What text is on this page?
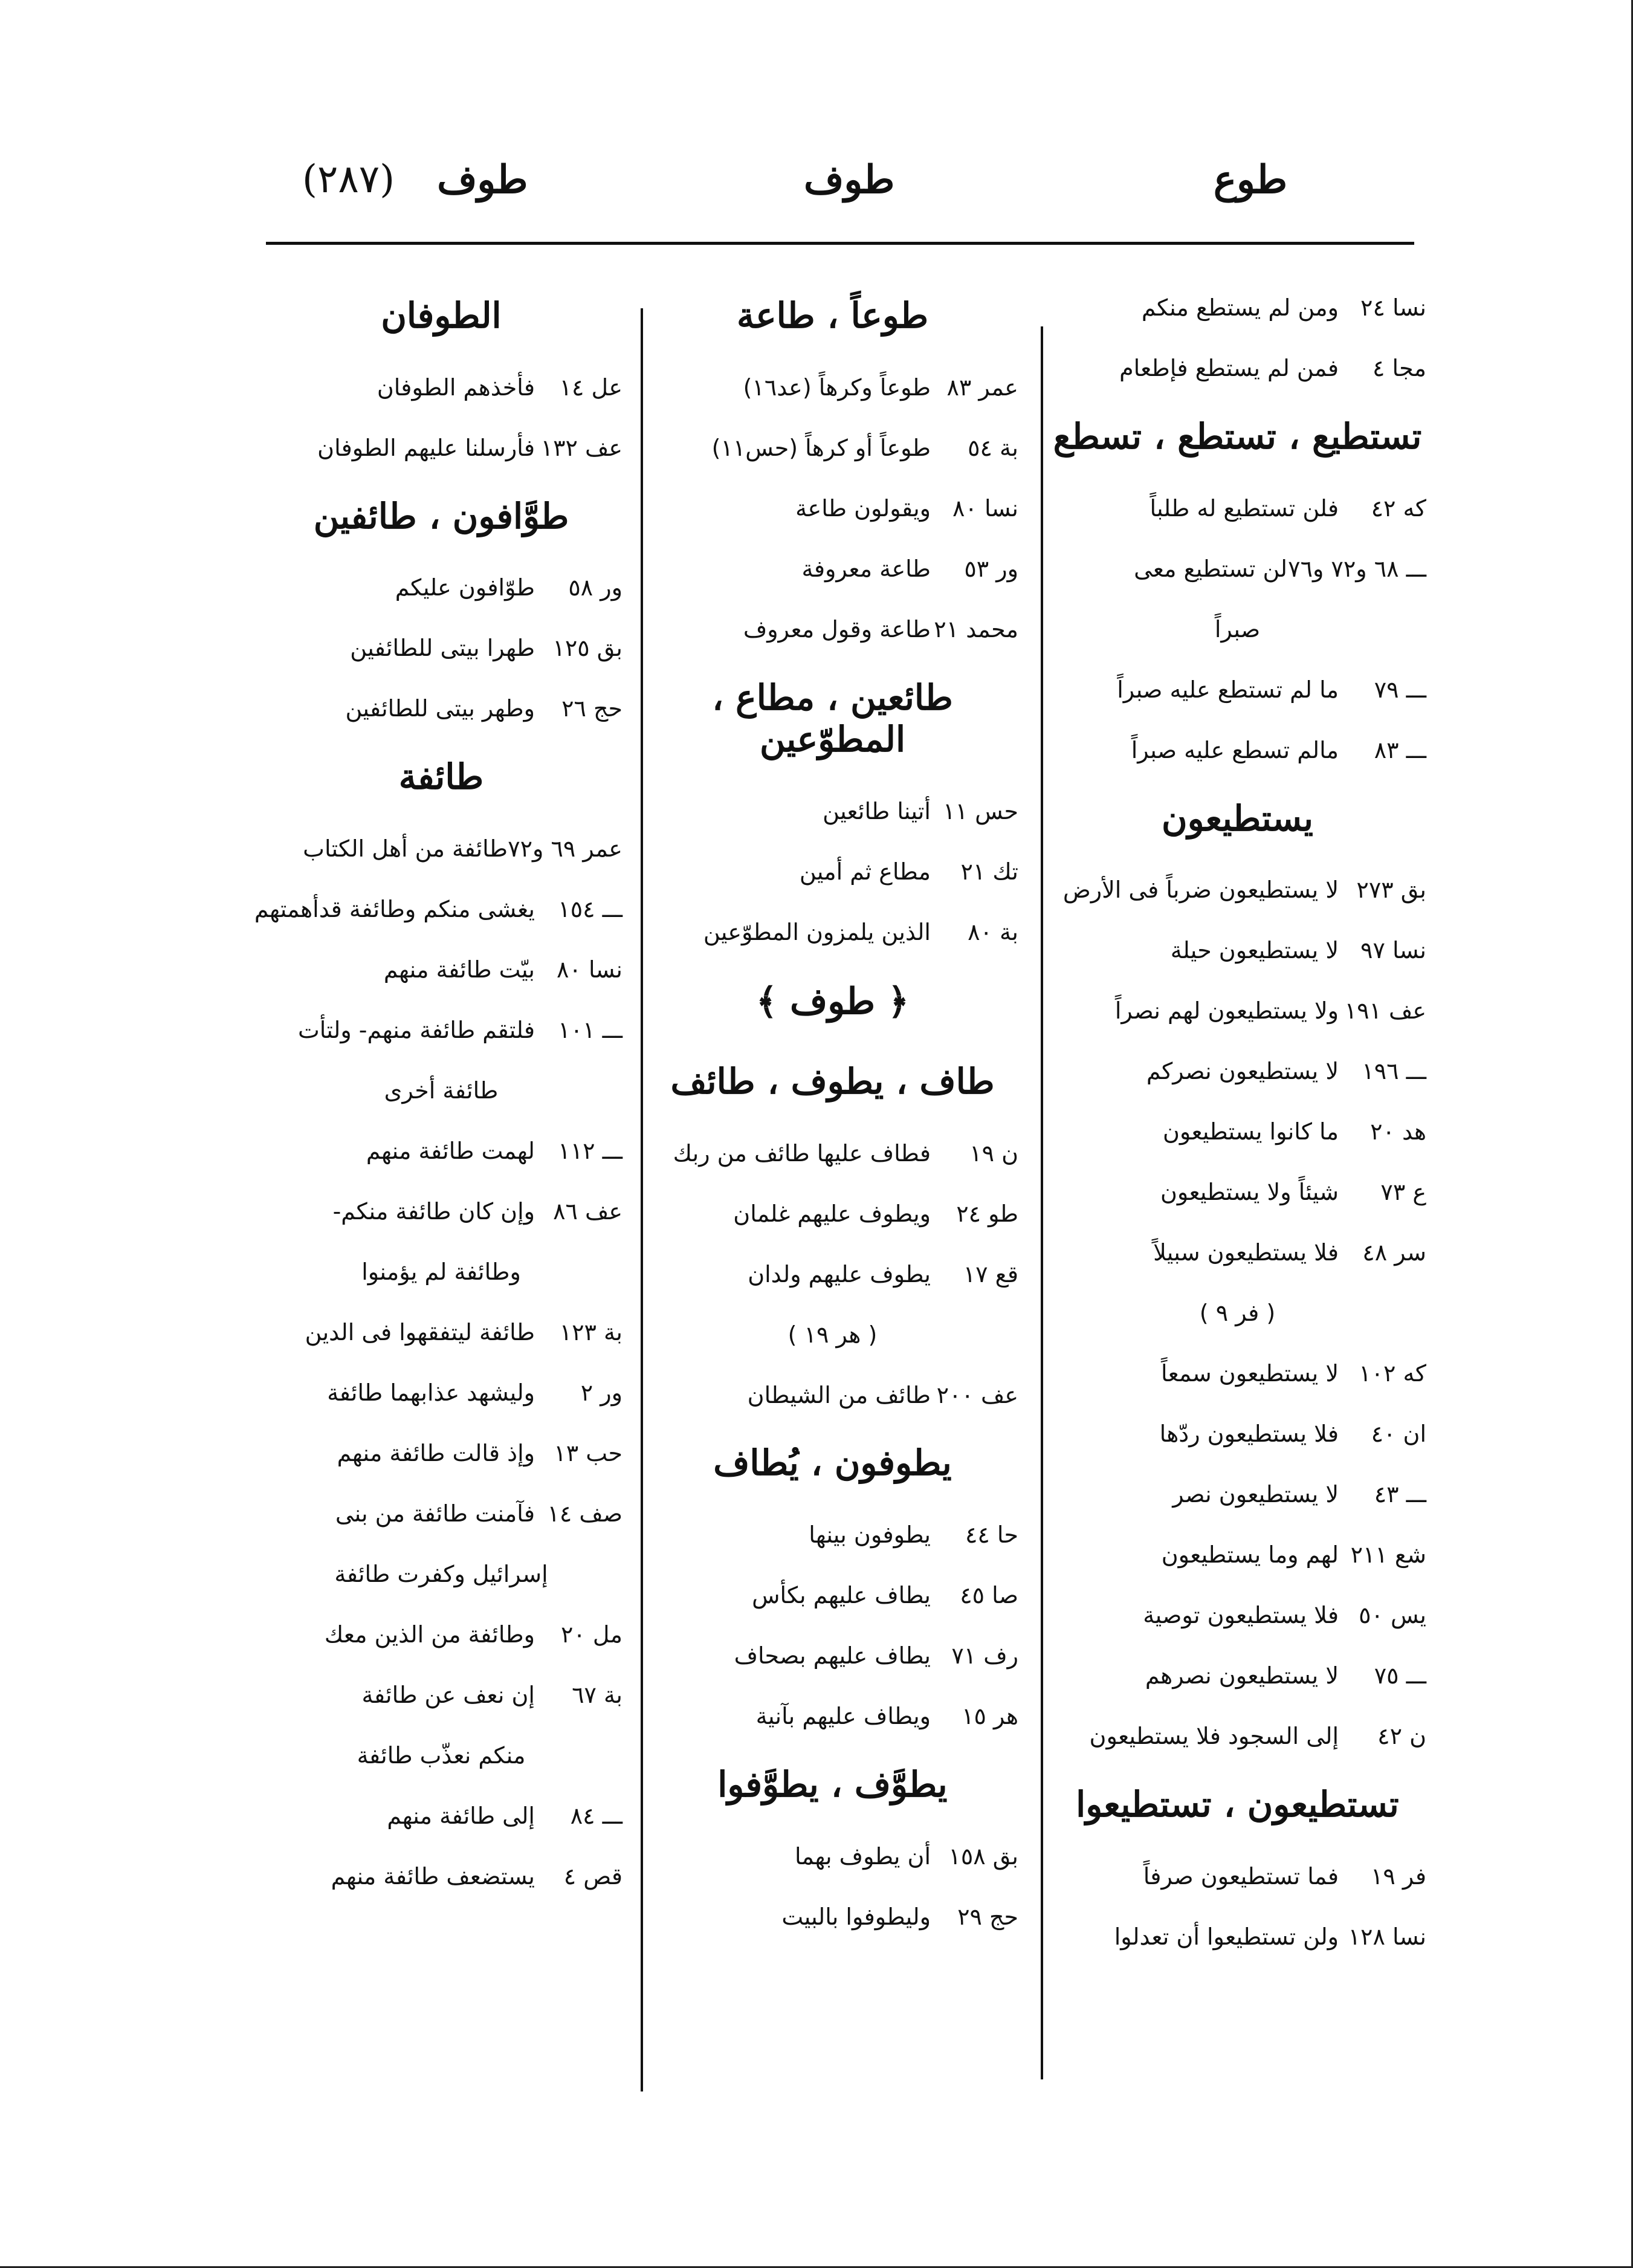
طوع
طوف
طوف
(٢٨٧)
نسا ٢٤
ومن لم يستطع منكم
مجا ٤
فمن لم يستطع فإطعام
تستطيع ، تستطع ، تسطع
كه ٤٢
فلن تستطيع له طلباً
ـــ ٦٨ و٧٢ و٧٦
لن تستطيع معى
صبراً
ـــ ٧٩
ما لم تستطع عليه صبراً
ـــ ٨٣
مالم تسطع عليه صبراً
يستطيعون
بق ٢٧٣
لا يستطيعون ضرباً فى الأرض
نسا ٩٧
لا يستطيعون حيلة
عف ١٩١
ولا يستطيعون لهم نصراً
ـــ ١٩٦
لا يستطيعون نصركم
هد ٢٠
ما كانوا يستطيعون
ع ٧٣
شيئاً ولا يستطيعون
سر ٤٨
فلا يستطيعون سبيلاً
( فر ٩ )
كه ١٠٢
لا يستطيعون سمعاً
ان ٤٠
فلا يستطيعون ردّها
ـــ ٤٣
لا يستطيعون نصر
شع ٢١١
لهم وما يستطيعون
يس ٥٠
فلا يستطيعون توصية
ـــ ٧٥
لا يستطيعون نصرهم
ن ٤٢
إلى السجود فلا يستطيعون
تستطيعون ، تستطيعوا
فر ١٩
فما تستطيعون صرفاً
نسا ١٢٨
ولن تستطيعوا أن تعدلوا
طوعاً ، طاعة
عمر ٨٣
طوعاً وكرهاً (عد١٦)
بة ٥٤
طوعاً أو كرهاً (حس١١)
نسا ٨٠
ويقولون طاعة
ور ٥٣
طاعة معروفة
محمد ٢١
طاعة وقول معروف
طائعين ، مطاع ، المطوّعين
حس ١١
أتينا طائعين
تك ٢١
مطاع ثم أمين
بة ٨٠
الذين يلمزون المطوّعين
﴿ طوف ﴾
طاف ، يطوف ، طائف
ن ١٩
فطاف عليها طائف من ربك
طو ٢٤
ويطوف عليهم غلمان
قع ١٧
يطوف عليهم ولدان
( هر ١٩ )
عف ٢٠٠
طائف من الشيطان
يطوفون ، يُطاف
حا ٤٤
يطوفون بينها
صا ٤٥
يطاف عليهم بكأس
رف ٧١
يطاف عليهم بصحاف
هر ١٥
ويطاف عليهم بآنية
يطوَّف ، يطوَّفوا
بق ١٥٨
أن يطوف بهما
حج ٢٩
وليطوفوا بالبيت
الطوفان
عل ١٤
فأخذهم الطوفان
عف ١٣٢
فأرسلنا عليهم الطوفان
طوَّافون ، طائفين
ور ٥٨
طوّافون عليكم
بق ١٢٥
طهرا بيتى للطائفين
حج ٢٦
وطهر بيتى للطائفين
طائفة
عمر ٦٩ و٧٢
طائفة من أهل الكتاب
ـــ ١٥٤
يغشى منكم وطائفة قدأهمتهم
نسا ٨٠
بيّت طائفة منهم
ـــ ١٠١
فلتقم طائفة منهم- ولتأت
طائفة أخرى
ـــ ١١٢
لهمت طائفة منهم
عف ٨٦
وإن كان طائفة منكم-
وطائفة لم يؤمنوا
بة ١٢٣
طائفة ليتفقهوا فى الدين
ور ٢
وليشهد عذابهما طائفة
حب ١٣
وإذ قالت طائفة منهم
صف ١٤
فآمنت طائفة من بنى
إسرائيل وكفرت طائفة
مل ٢٠
وطائفة من الذين معك
بة ٦٧
إن نعف عن طائفة
منكم نعذّب طائفة
ـــ ٨٤
إلى طائفة منهم
قص ٤
يستضعف طائفة منهم
